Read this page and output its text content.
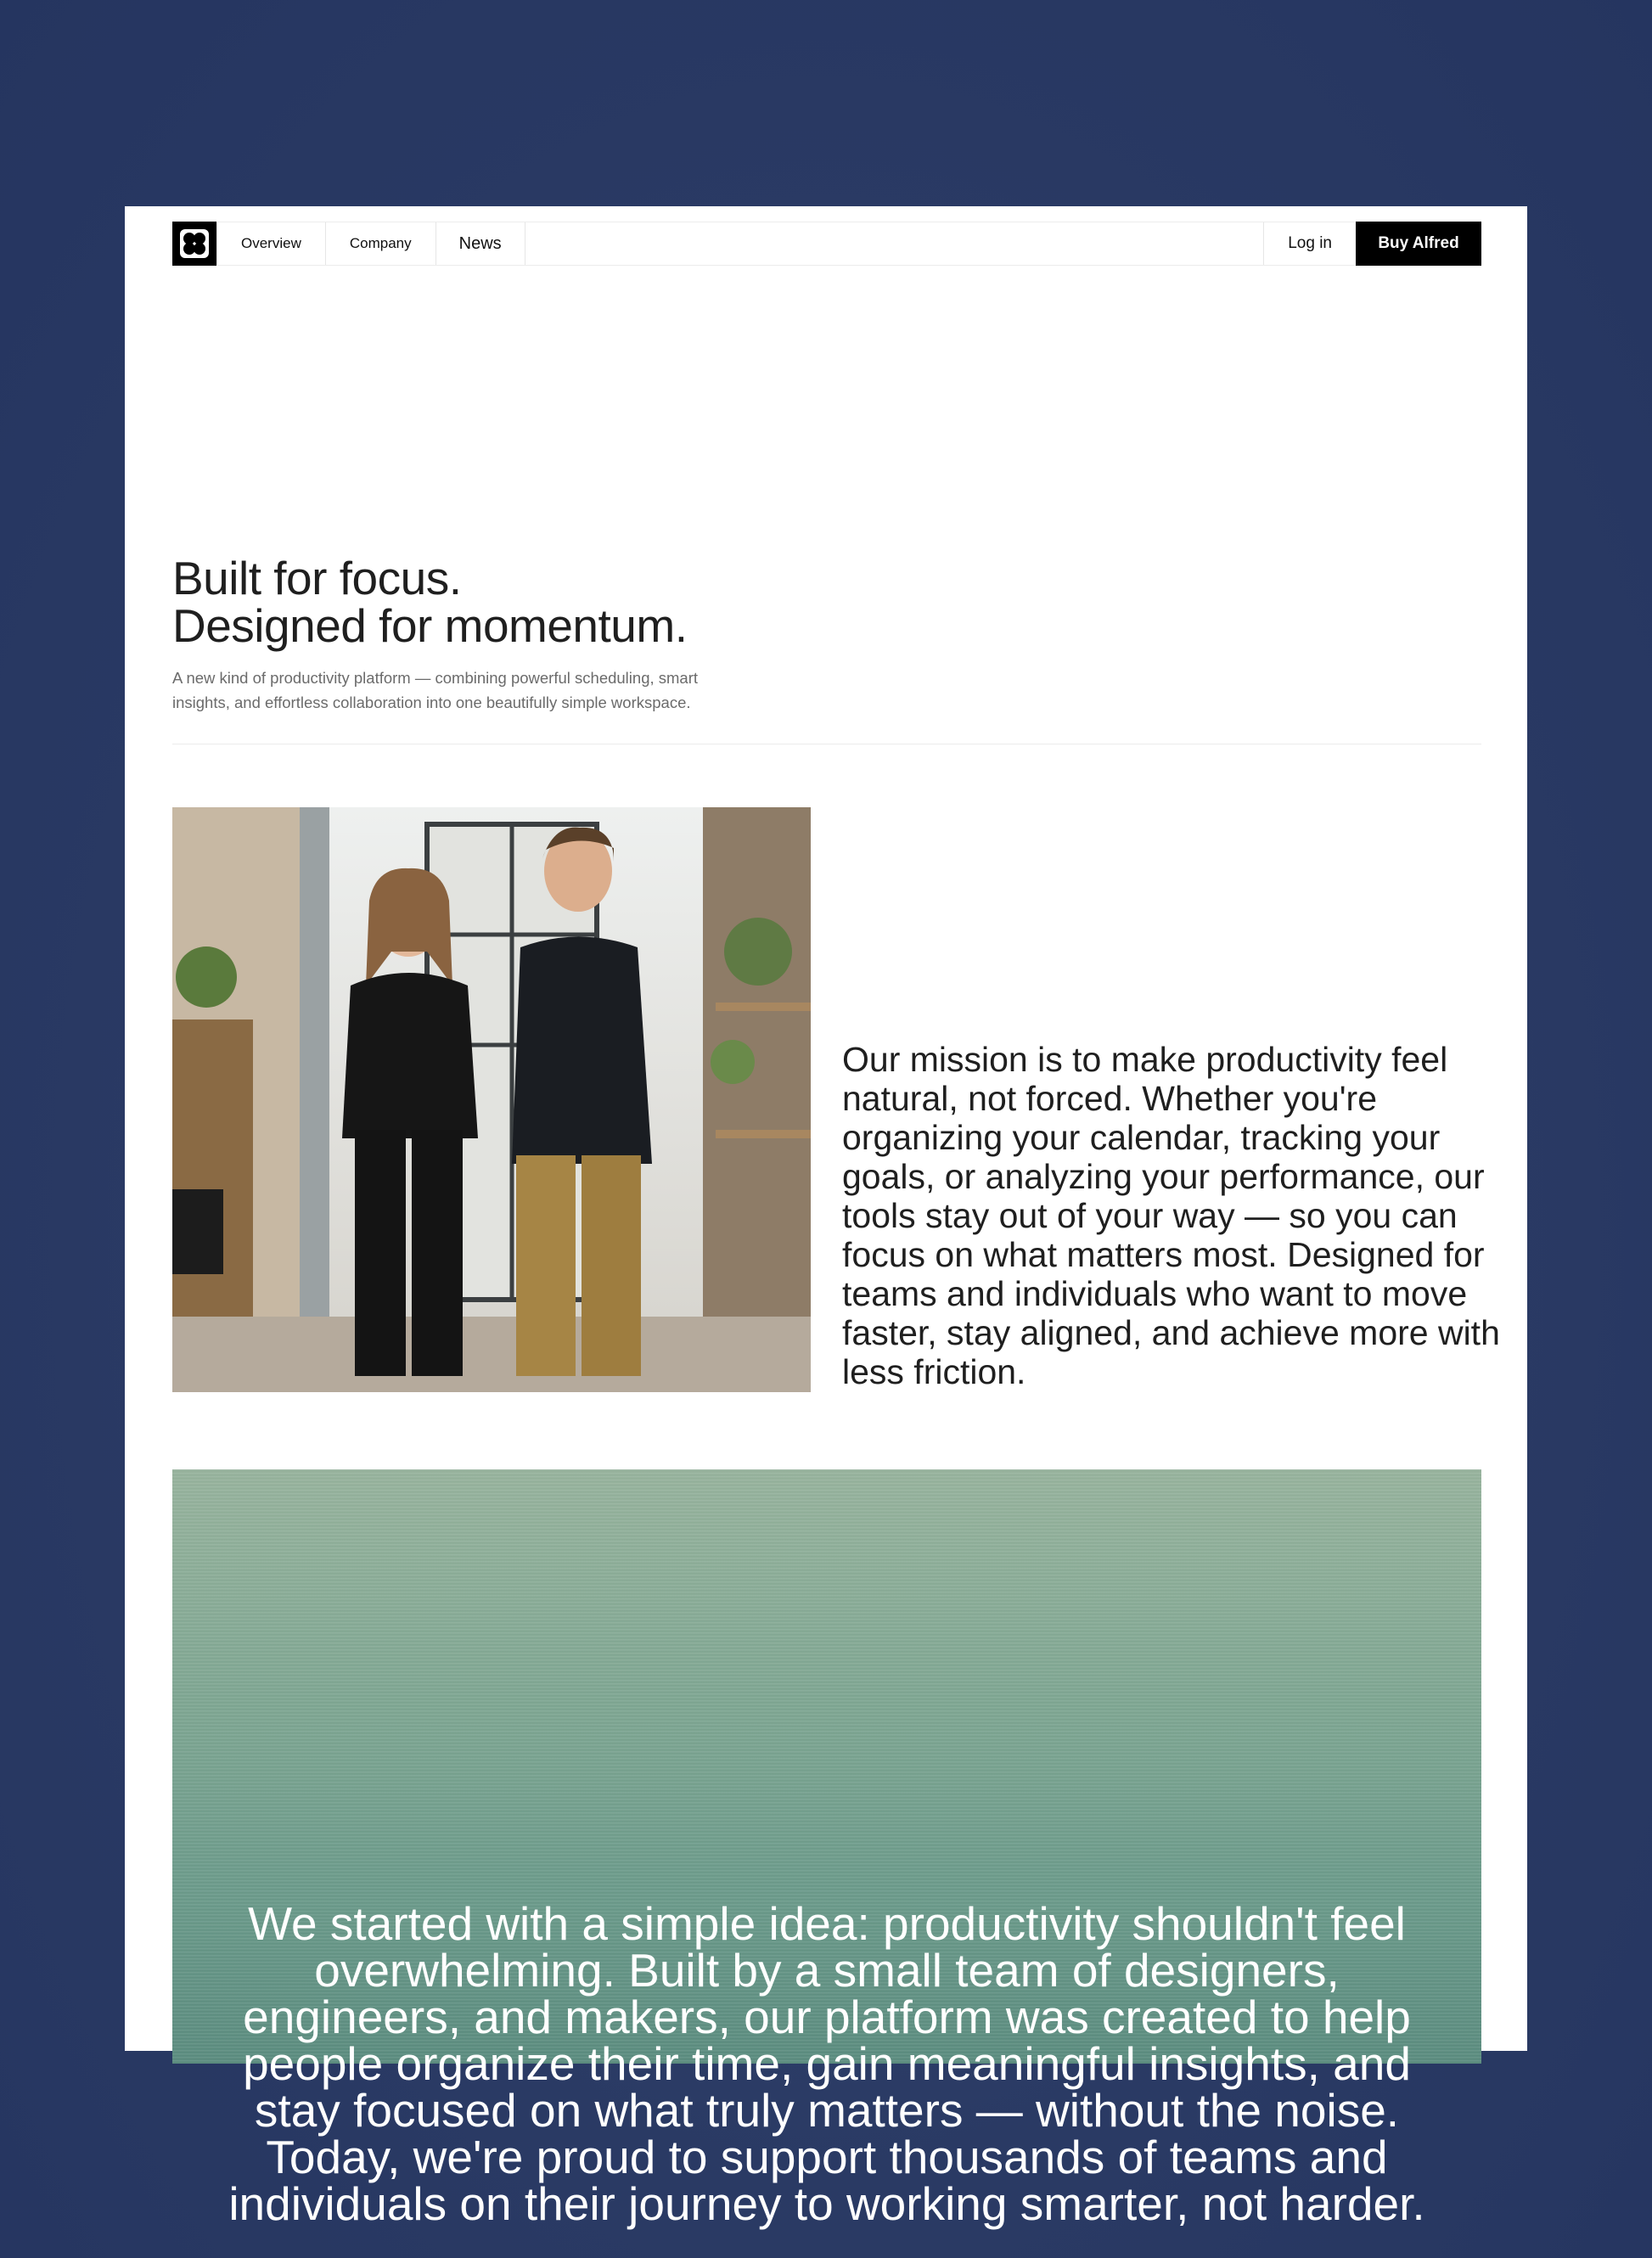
Overview	Company	News	Log in	Buy Alfred
Built for focus.
Designed for momentum.

A new kind of productivity platform — combining powerful scheduling, smart
insights, and effortless collaboration into one beautifully simple workspace.

Our mission is to make productivity feel natural, not forced. Whether you're organizing your calendar, tracking your goals, or analyzing your performance, our tools stay out of your way — so you can focus on what matters most. Designed for teams and individuals who want to move faster, stay aligned, and achieve more with less friction.

We started with a simple idea: productivity shouldn't feel overwhelming. Built by a small team of designers, engineers, and makers, our platform was created to help people organize their time, gain meaningful insights, and stay focused on what truly matters — without the noise. Today, we're proud to support thousands of teams and individuals on their journey to working smarter, not harder.
